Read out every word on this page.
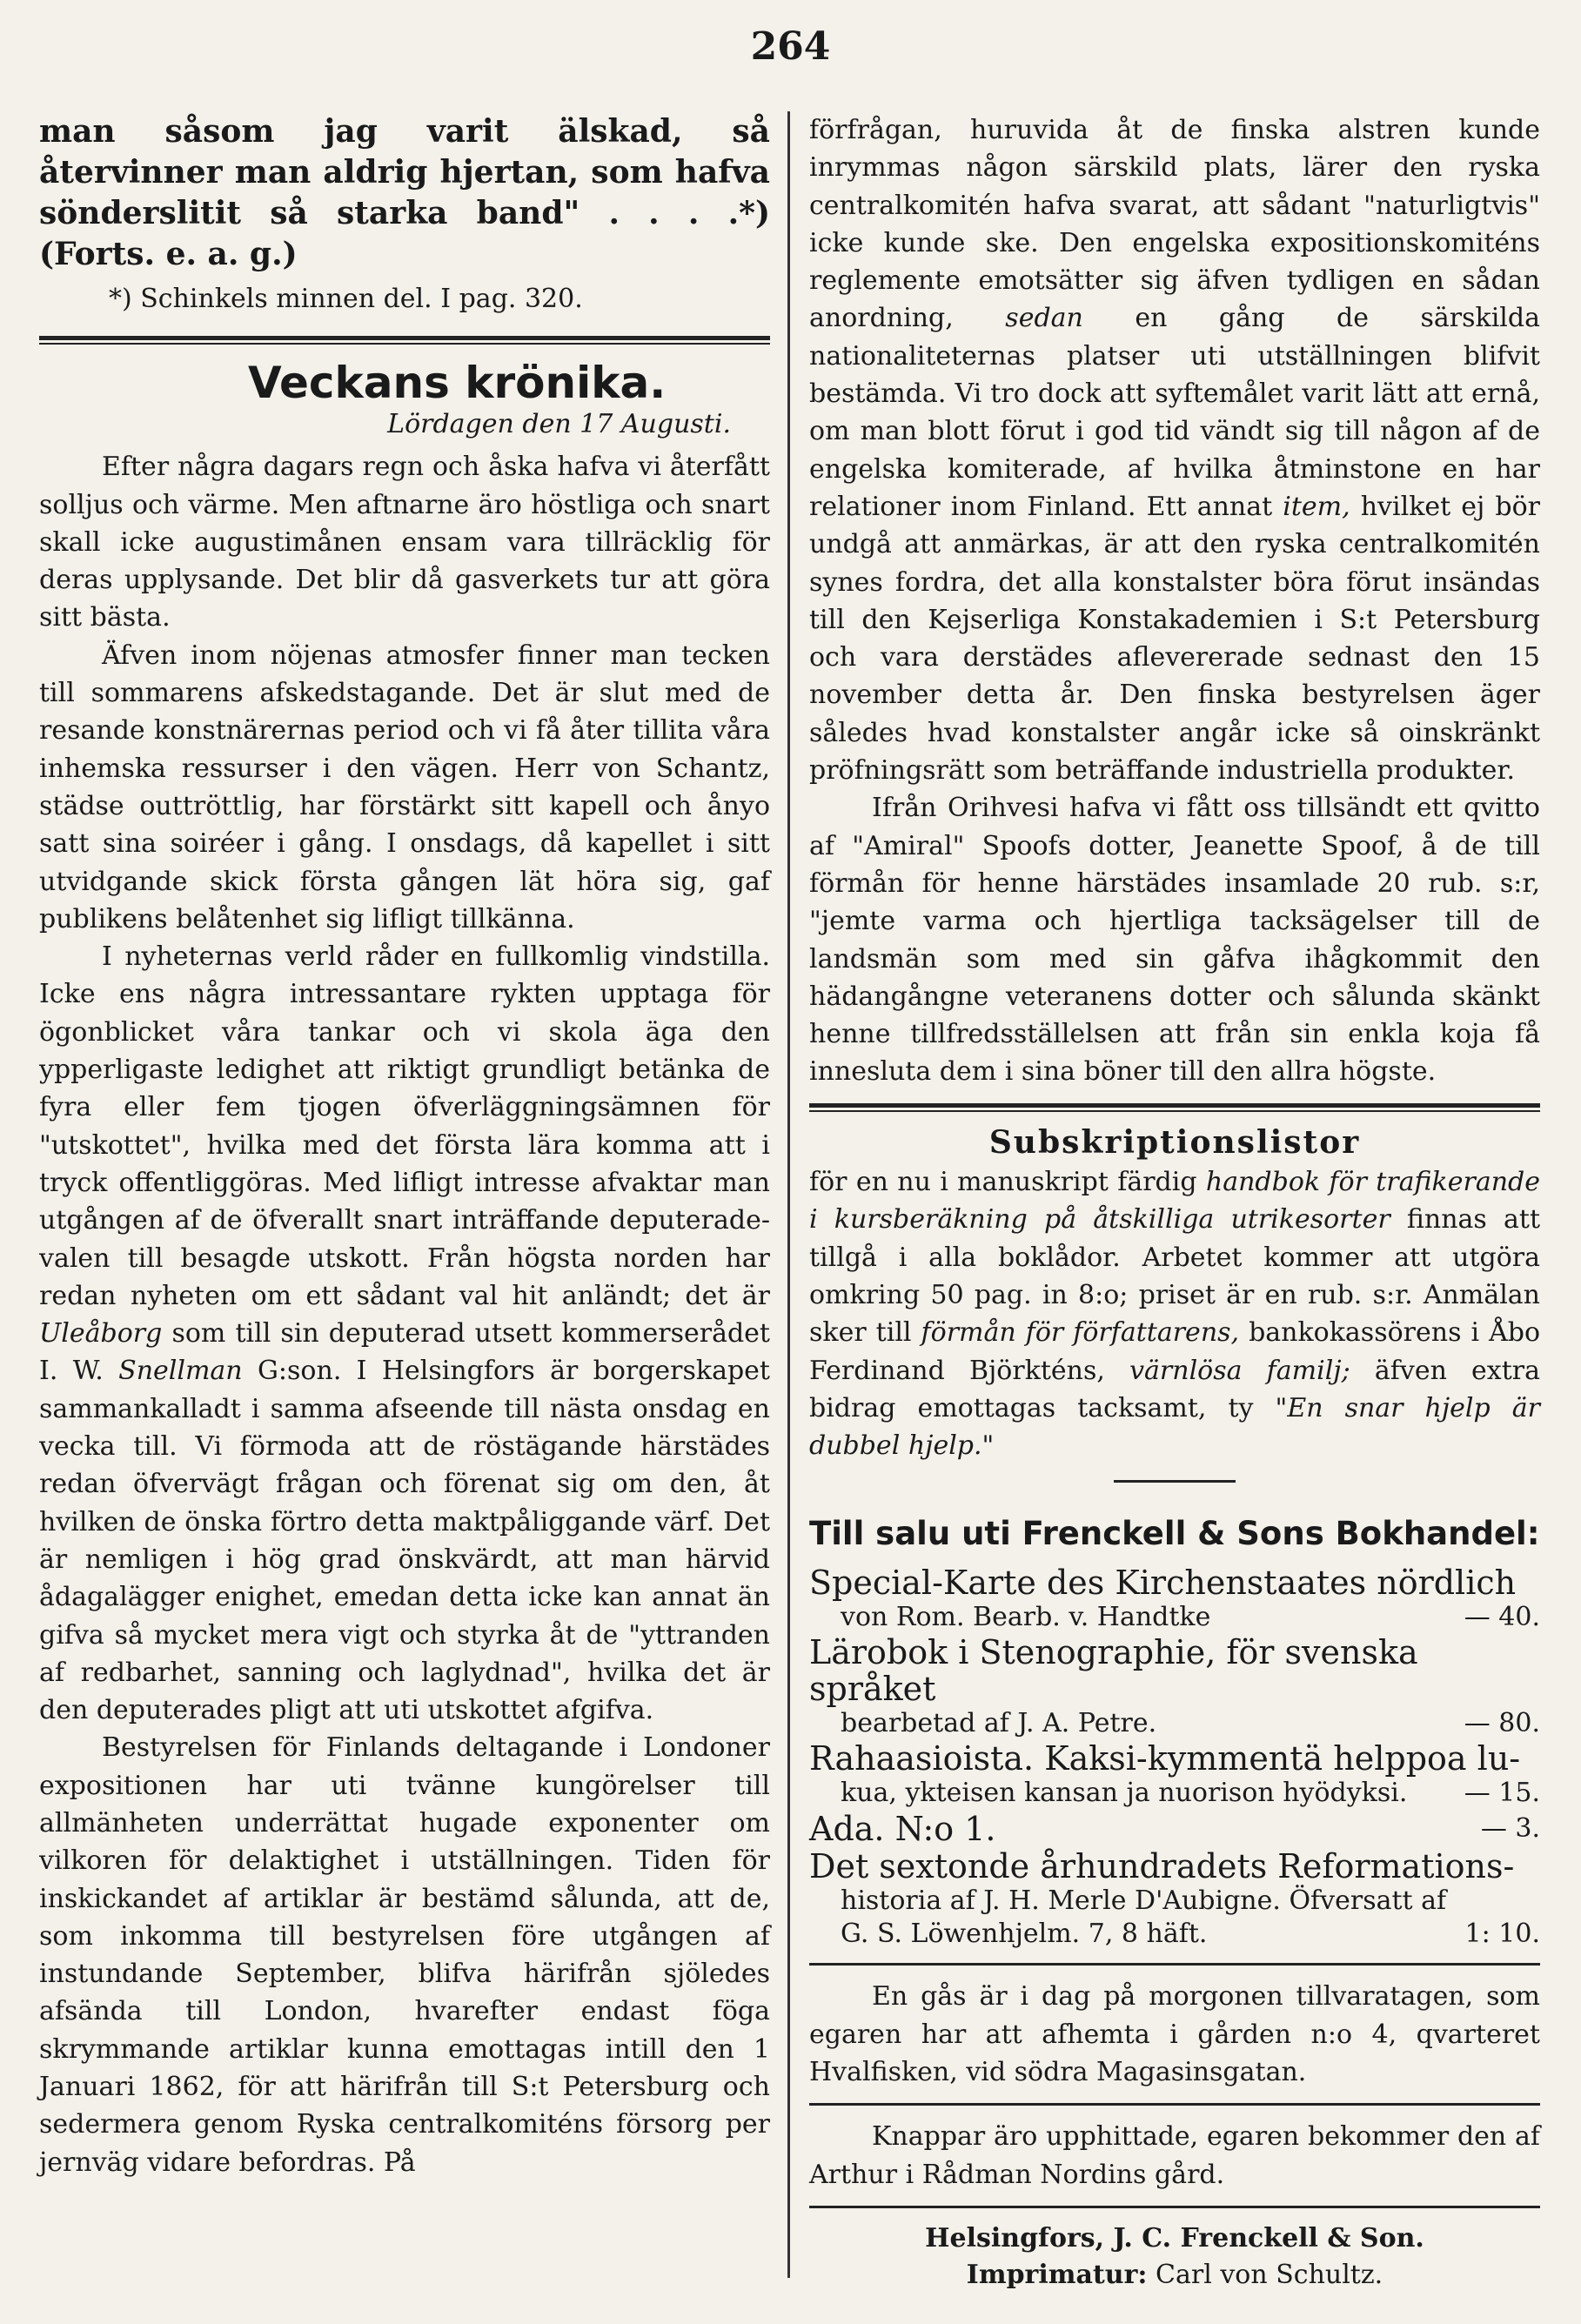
264

man såsom jag varit älskad, så återvinner man aldrig hjertan, som hafva sönderslitit så starka band" . . . .*) (Forts. e. a. g.)

*) Schinkels minnen del. I pag. 320.
Veckans krönika.
Lördagen den 17 Augusti.

Efter några dagars regn och åska hafva vi återfått solljus och värme. Men aftnarne äro höstliga och snart skall icke augustimånen ensam vara tillräcklig för deras upplysande. Det blir då gasverkets tur att göra sitt bästa.

Äfven inom nöjenas atmosfer finner man tecken till sommarens afskedstagande. Det är slut med de resande konstnärernas period och vi få åter tillita våra inhemska ressurser i den vägen. Herr von Schantz, städse outtröttlig, har förstärkt sitt kapell och ånyo satt sina soiréer i gång. I onsdags, då kapellet i sitt utvidgande skick första gången lät höra sig, gaf publikens belåtenhet sig lifligt tillkänna.

I nyheternas verld råder en fullkomlig vindstilla. Icke ens några intressantare rykten upptaga för ögonblicket våra tankar och vi skola äga den ypperligaste ledighet att riktigt grundligt betänka de fyra eller fem tjogen öfverläggningsämnen för "utskottet", hvilka med det första lära komma att i tryck offentliggöras. Med lifligt intresse afvaktar man utgången af de öfverallt snart inträffande deputerade-valen till besagde utskott. Från högsta norden har redan nyheten om ett sådant val hit anländt; det är Uleåborg som till sin deputerad utsett kommerserådet I. W. Snellman G:son. I Helsingfors är borgerskapet sammankalladt i samma afseende till nästa onsdag en vecka till. Vi förmoda att de röstägande härstädes redan öfvervägt frågan och förenat sig om den, åt hvilken de önska förtro detta maktpåliggande värf. Det är nemligen i hög grad önskvärdt, att man härvid ådagalägger enighet, emedan detta icke kan annat än gifva så mycket mera vigt och styrka åt de "yttranden af redbarhet, sanning och laglydnad", hvilka det är den deputerades pligt att uti utskottet afgifva.

Bestyrelsen för Finlands deltagande i Londoner expositionen har uti tvänne kungörelser till allmänheten underrättat hugade exponenter om vilkoren för delaktighet i utställningen. Tiden för inskickandet af artiklar är bestämd sålunda, att de, som inkomma till bestyrelsen före utgången af instundande September, blifva härifrån sjöledes afsända till London, hvarefter endast föga skrymmande artiklar kunna emottagas intill den 1 Januari 1862, för att härifrån till S:t Petersburg och sedermera genom Ryska centralkomiténs försorg per jernväg vidare befordras. På

förfrågan, huruvida åt de finska alstren kunde inrymmas någon särskild plats, lärer den ryska centralkomitén hafva svarat, att sådant "naturligtvis" icke kunde ske. Den engelska expositionskomiténs reglemente emotsätter sig äfven tydligen en sådan anordning, sedan en gång de särskilda nationaliteternas platser uti utställningen blifvit bestämda. Vi tro dock att syftemålet varit lätt att ernå, om man blott förut i god tid vändt sig till någon af de engelska komiterade, af hvilka åtminstone en har relationer inom Finland. Ett annat item, hvilket ej bör undgå att anmärkas, är att den ryska centralkomitén synes fordra, det alla konstalster böra förut insändas till den Kejserliga Konstakademien i S:t Petersburg och vara derstädes aflevererade sednast den 15 november detta år. Den finska bestyrelsen äger således hvad konstalster angår icke så oinskränkt pröfningsrätt som beträffande industriella produkter.

Ifrån Orihvesi hafva vi fått oss tillsändt ett qvitto af "Amiral" Spoofs dotter, Jeanette Spoof, å de till förmån för henne härstädes insamlade 20 rub. s:r, "jemte varma och hjertliga tacksägelser till de landsmän som med sin gåfva ihågkommit den hädangångne veteranens dotter och sålunda skänkt henne tillfredsställelsen att från sin enkla koja få innesluta dem i sina böner till den allra högste.

Subskriptionslistor

för en nu i manuskript färdig handbok för trafikerande i kursberäkning på åtskilliga utrikesorter finnas att tillgå i alla boklådor. Arbetet kommer att utgöra omkring 50 pag. in 8:o; priset är en rub. s:r. Anmälan sker till förmån för författarens, bankokassörens i Åbo Ferdinand Björkténs, värnlösa familj; äfven extra bidrag emottagas tacksamt, ty "En snar hjelp är dubbel hjelp."

Till salu uti Frenckell & Sons Bokhandel:
Special-Karte des Kirchenstaates nördlich
von Rom. Bearb. v. Handtke	— 40.
Lärobok i Stenographie, för svenska språket
bearbetad af J. A. Petre.	— 80.
Rahaasioista. Kaksi-kymmentä helppoa lu-
kua, ykteisen kansan ja nuorison hyödyksi. — 15.
Ada. N:o 1.	— 3.
Det sextonde århundradets Reformations-
historia af J. H. Merle D'Aubigne. Öfversatt af
G. S. Löwenhjelm. 7, 8 häft.	1: 10.

En gås är i dag på morgonen tillvaratagen, som egaren har att afhemta i gården n:o 4, qvarteret Hvalfisken, vid södra Magasinsgatan.

Knappar äro upphittade, egaren bekommer den af Arthur i Rådman Nordins gård.

Helsingfors, J. C. Frenckell & Son.
Imprimatur: Carl von Schultz.
